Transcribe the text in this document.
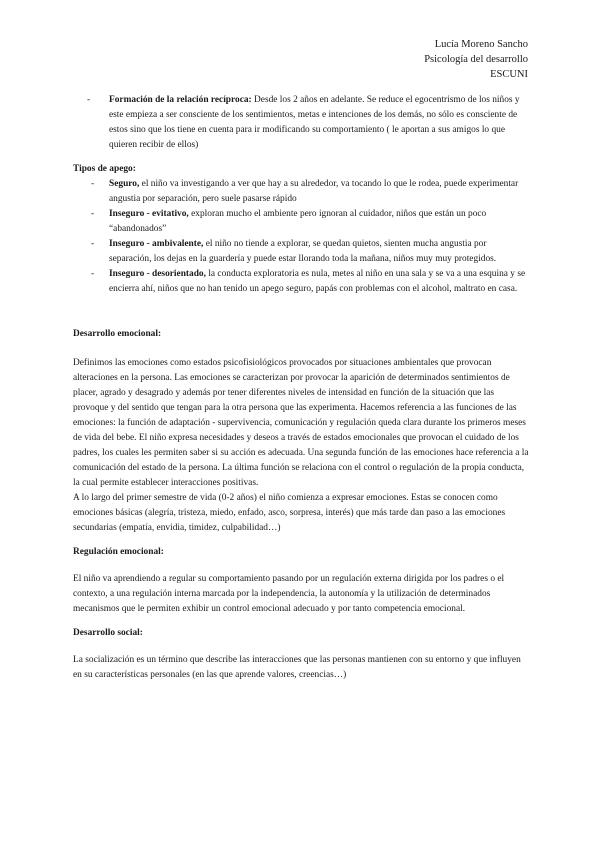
Lucía Moreno Sancho
Psicología del desarrollo
ESCUNI
- Formación de la relación recíproca: Desde los 2 años en adelante. Se reduce el egocentrismo de los niños y este empieza a ser consciente de los sentimientos, metas e intenciones de los demás, no sólo es consciente de estos sino que los tiene en cuenta para ir modificando su comportamiento ( le aportan a sus amigos lo que quieren recibir de ellos)

Tipos de apego:

- Seguro, el niño va investigando a ver que hay a su alrededor, va tocando lo que le rodea, puede experimentar angustia por separación, pero suele pasarse rápido
- Inseguro - evitativo, exploran mucho el ambiente pero ignoran al cuidador, niños que están un poco “abandonados”
- Inseguro - ambivalente, el niño no tiende a explorar, se quedan quietos, sienten mucha angustia por separación, los dejas en la guardería y puede estar llorando toda la mañana, niños muy muy protegidos.
- Inseguro - desorientado, la conducta exploratoria es nula, metes al niño en una sala y se va a una esquina y se encierra ahí, niños que no han tenido un apego seguro, papás con problemas con el alcohol, maltrato en casa.

Desarrollo emocional:

Definimos las emociones como estados psicofisiológicos provocados por situaciones ambientales que provocan alteraciones en la persona. Las emociones se caracterizan por provocar la aparición de determinados sentimientos de placer, agrado y desagrado y además por tener diferentes niveles de intensidad en función de la situación que las provoque y del sentido que tengan para la otra persona que las experimenta. Hacemos referencia a las funciones de las emociones: la función de adaptación - supervivencia, comunicación y regulación queda clara durante los primeros meses de vida del bebe. El niño expresa necesidades y deseos a través de estados emocionales que provocan el cuidado de los padres, los cuales les permiten saber si su acción es adecuada. Una segunda función de las emociones hace referencia a la comunicación del estado de la persona. La última función se relaciona con el control o regulación de la propia conducta, la cual permite establecer interacciones positivas.

A lo largo del primer semestre de vida (0-2 años) el niño comienza a expresar emociones. Estas se conocen como emociones básicas (alegría, tristeza, miedo, enfado, asco, sorpresa, interés) que más tarde dan paso a las emociones secundarias (empatía, envidia, timidez, culpabilidad…)

Regulación emocional:

El niño va aprendiendo a regular su comportamiento pasando por un regulación externa dirigida por los padres o el contexto, a una regulación interna marcada por la independencia, la autonomía y la utilización de determinados mecanismos que le permiten exhibir un control emocional adecuado y por tanto competencia emocional.

Desarrollo social:

La socialización es un término que describe las interacciones que las personas mantienen con su entorno y que influyen en su características personales (en las que aprende valores, creencias…)
